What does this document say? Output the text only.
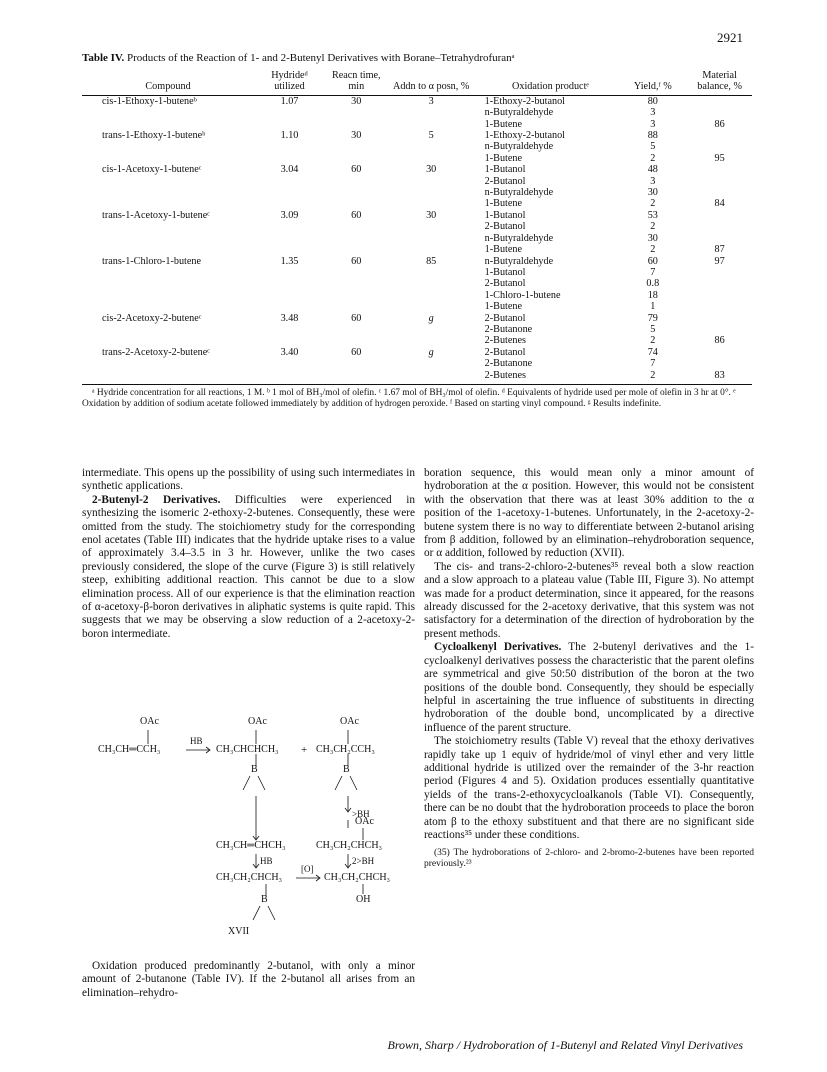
2921
Table IV. Products of the Reaction of 1- and 2-Butenyl Derivatives with Borane–Tetrahydrofuranᵃ
Compound	Hydrideᵈ utilized	Reacn time, min	Addn to α posn, %	Oxidation productᵉ	Yield,ᶠ %	Material balance, %
cis-1-Ethoxy-1-buteneᵇ	1.07	30	3	1-Ethoxy-2-butanol	80	
				n-Butyraldehyde	3	
				1-Butene	3	86
trans-1-Ethoxy-1-buteneᵇ	1.10	30	5	1-Ethoxy-2-butanol	88	
				n-Butyraldehyde	5	
				1-Butene	2	95
cis-1-Acetoxy-1-buteneᶜ	3.04	60	30	1-Butanol	48	
				2-Butanol	3	
				n-Butyraldehyde	30	
				1-Butene	2	84
trans-1-Acetoxy-1-buteneᶜ	3.09	60	30	1-Butanol	53	
				2-Butanol	2	
				n-Butyraldehyde	30	
				1-Butene	2	87
trans-1-Chloro-1-butene	1.35	60	85	n-Butyraldehyde	60	97
				1-Butanol	7	
				2-Butanol	0.8	
				1-Chloro-1-butene	18	
				1-Butene	1	
cis-2-Acetoxy-2-buteneᶜ	3.48	60	g	2-Butanol	79	
				2-Butanone	5	
				2-Butenes	2	86
trans-2-Acetoxy-2-buteneᶜ	3.40	60	g	2-Butanol	74	
				2-Butanone	7	
				2-Butenes	2	83
ᵃ Hydride concentration for all reactions, 1 M. ᵇ 1 mol of BH₃/mol of olefin. ᶜ 1.67 mol of BH₃/mol of olefin. ᵈ Equivalents of hydride used per mole of olefin in 3 hr at 0°. ᵉ Oxidation by addition of sodium acetate followed immediately by addition of hydrogen peroxide. ᶠ Based on starting vinyl compound. ᵍ Results indefinite.

intermediate. This opens up the possibility of using such intermediates in synthetic applications.

2-Butenyl-2 Derivatives. Difficulties were experienced in synthesizing the isomeric 2-ethoxy-2-butenes. Consequently, these were omitted from the study. The stoichiometry study for the corresponding enol acetates (Table III) indicates that the hydride uptake rises to a value of approximately 3.4–3.5 in 3 hr. However, unlike the two cases previously considered, the slope of the curve (Figure 3) is still relatively steep, exhibiting additional reaction. This cannot be due to a slow elimination process. All of our experience is that the elimination reaction of α-acetoxy-β-boron derivatives in aliphatic systems is quite rapid. This suggests that we may be observing a slow reduction of a 2-acetoxy-2-boron intermediate.

OAc	OAc	OAc
CH₃CH═CCH₃
HB
CH₃CHCHCH₃ + CH₃CH₂CCH₃
B	B
>BH
OAc
CH₃CH═CHCH₃	CH₃CH₂CHCH₃
HB	2>BH
CH₃CH₂CHCH₃
[O]
CH₃CH₂CHCH₃
B	OH
XVII

Oxidation produced predominantly 2-butanol, with only a minor amount of 2-butanone (Table IV). If the 2-butanol all arises from an elimination–rehydro-

boration sequence, this would mean only a minor amount of hydroboration at the α position. However, this would not be consistent with the observation that there was at least 30% addition to the α position of the 1-acetoxy-1-butenes. Unfortunately, in the 2-acetoxy-2-butene system there is no way to differentiate between 2-butanol arising from β addition, followed by an elimination–rehydroboration sequence, or α addition, followed by reduction (XVII).

The cis- and trans-2-chloro-2-butenes³⁵ reveal both a slow reaction and a slow approach to a plateau value (Table III, Figure 3). No attempt was made for a product determination, since it appeared, for the reasons already discussed for the 2-acetoxy derivative, that this system was not satisfactory for a determination of the direction of hydroboration by the present methods.

Cycloalkenyl Derivatives. The 2-butenyl derivatives and the 1-cycloalkenyl derivatives possess the characteristic that the parent olefins are symmetrical and give 50:50 distribution of the boron at the two positions of the double bond. Consequently, they should be especially helpful in ascertaining the true influence of substituents in directing hydroboration of the double bond, uncomplicated by a directive influence of the parent structure.

The stoichiometry results (Table V) reveal that the ethoxy derivatives rapidly take up 1 equiv of hydride/mol of vinyl ether and very little additional hydride is utilized over the remainder of the 3-hr reaction period (Figures 4 and 5). Oxidation produces essentially quantitative yields of the trans-2-ethoxycycloalkanols (Table VI). Consequently, there can be no doubt that the hydroboration proceeds to place the boron atom β to the ethoxy substituent and that there are no significant side reactions³⁵ under these conditions.

(35) The hydroborations of 2-chloro- and 2-bromo-2-butenes have been reported previously.²³
Brown, Sharp / Hydroboration of 1-Butenyl and Related Vinyl Derivatives
